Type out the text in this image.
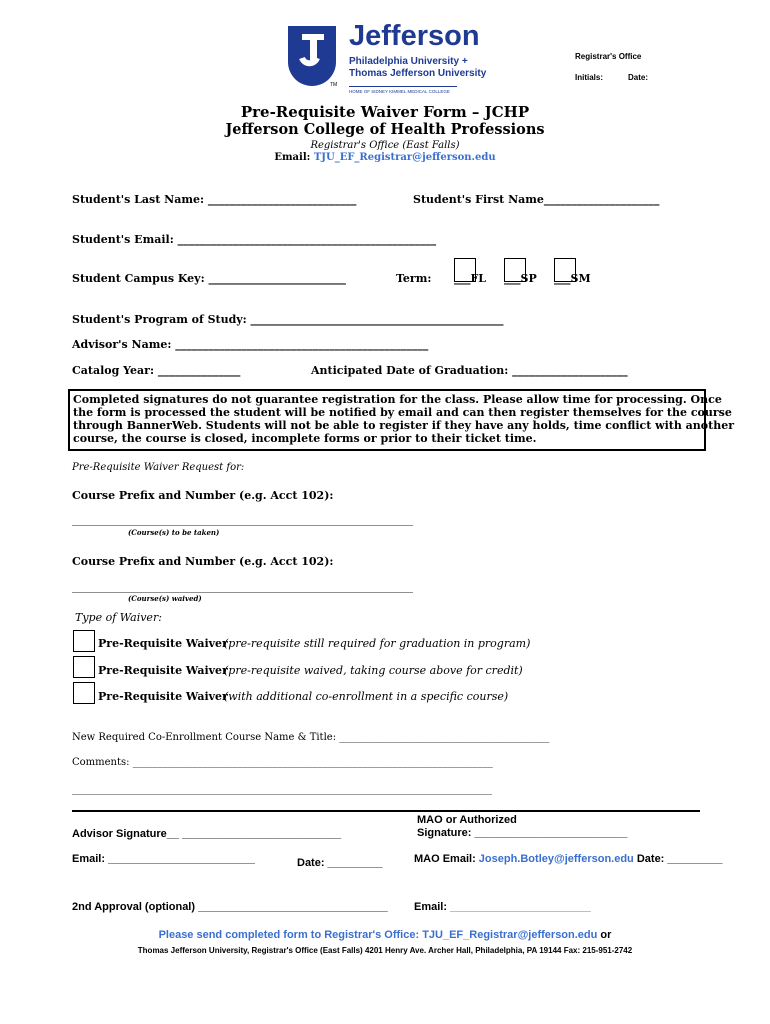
TM
Jefferson
Philadelphia University +
Thomas Jefferson University
HOME OF SIDNEY KIMMEL MEDICAL COLLEGE
Registrar's Office
Initials:	Date:
Pre-Requisite Waiver Form – JCHP
Jefferson College of Health Professions
Registrar's Office (East Falls)
Email: TJU_EF_Registrar@jefferson.edu
Student's Last Name: ___________________________	Student's First Name_____________________
Student's Email: _______________________________________________
Student Campus Key: _________________________	Term: ___FL ___SP ___SM
Student's Program of Study: ______________________________________________
Advisor's Name: ______________________________________________
Catalog Year: _______________	Anticipated Date of Graduation: _____________________
Completed signatures do not guarantee registration for the class. Please allow time for processing. Once
the form is processed the student will be notified by email and can then register themselves for the course
through BannerWeb. Students will not be able to register if they have any holds, time conflict with another
course, the course is closed, incomplete forms or prior to their ticket time.
Pre-Requisite Waiver Request for:
Course Prefix and Number (e.g. Acct 102):
______________________________________________________________
(Course(s) to be taken)
Course Prefix and Number (e.g. Acct 102):
______________________________________________________________
(Course(s) waived)
Type of Waiver:
Pre-Requisite Waiver
(pre-requisite still required for graduation in program)
Pre-Requisite Waiver
(pre-requisite waived, taking course above for credit)
Pre-Requisite Waiver
(with additional co-enrollment in a specific course)
New Required Co-Enrollment Course Name & Title: __________________________________________
Comments: ________________________________________________________________________
____________________________________________________________________________________
Advisor Signature__ __________________________
MAO or Authorized
Signature: _________________________
Email: ________________________	Date: _________	MAO Email: Joseph.Botley@jefferson.edu Date: _________
2nd Approval (optional) _______________________________ Email: _______________________
Please send completed form to Registrar's Office: TJU_EF_Registrar@jefferson.edu or
Thomas Jefferson University, Registrar's Office (East Falls) 4201 Henry Ave. Archer Hall, Philadelphia, PA 19144 Fax: 215-951-2742
